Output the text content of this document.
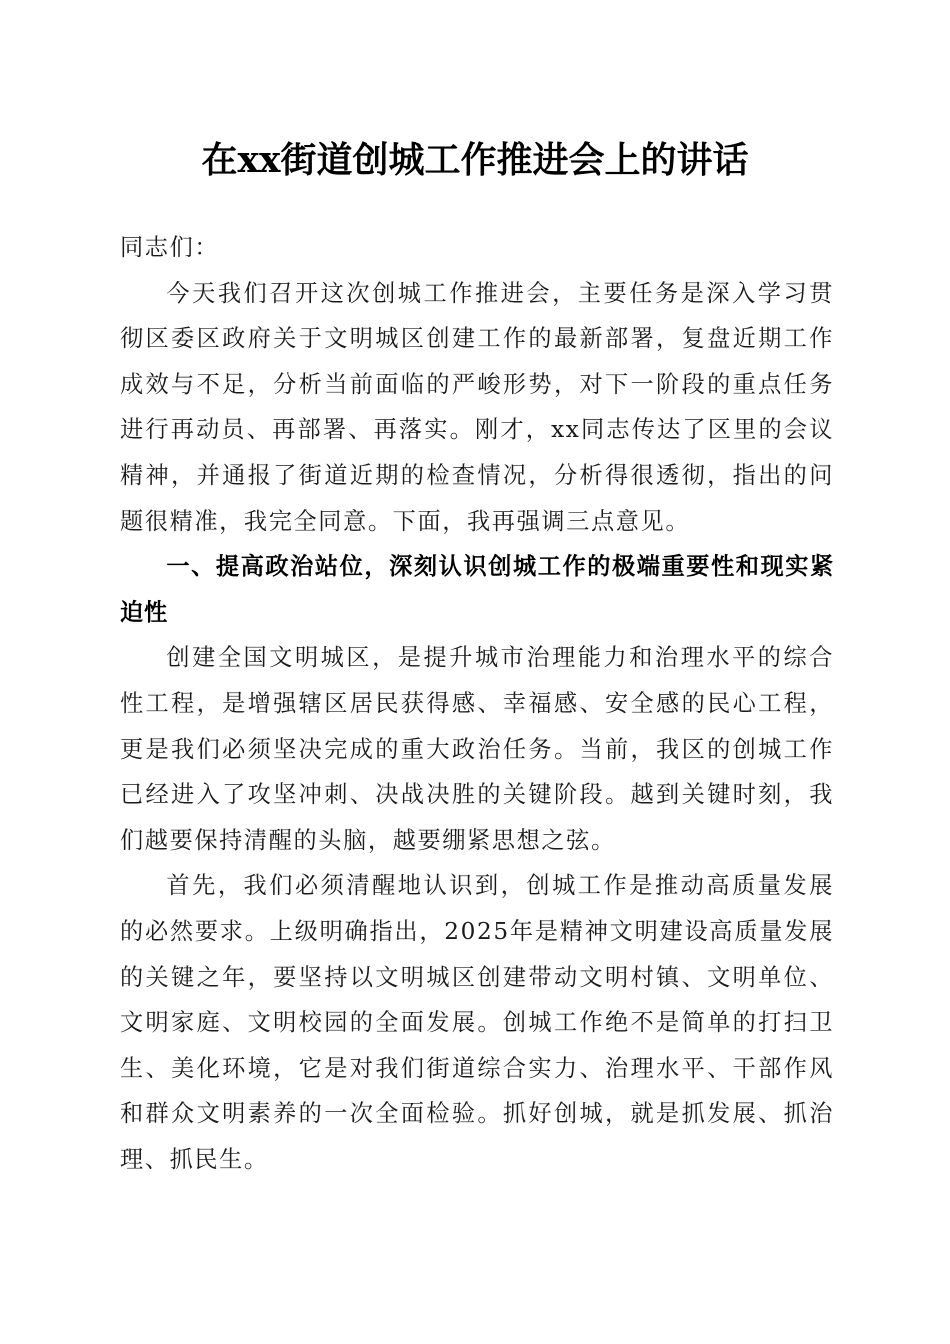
在xx街道创城工作推进会上的讲话

同志们：

今天我们召开这次创城工作推进会，主要任务是深入学习贯彻区委区政府关于文明城区创建工作的最新部署，复盘近期工作成效与不足，分析当前面临的严峻形势，对下一阶段的重点任务进行再动员、再部署、再落实。刚才，xx同志传达了区里的会议精神，并通报了街道近期的检查情况，分析得很透彻，指出的问题很精准，我完全同意。下面，我再强调三点意见。

一、提高政治站位，深刻认识创城工作的极端重要性和现实紧迫性

创建全国文明城区，是提升城市治理能力和治理水平的综合性工程，是增强辖区居民获得感、幸福感、安全感的民心工程，更是我们必须坚决完成的重大政治任务。当前，我区的创城工作已经进入了攻坚冲刺、决战决胜的关键阶段。越到关键时刻，我们越要保持清醒的头脑，越要绷紧思想之弦。

首先，我们必须清醒地认识到，创城工作是推动高质量发展的必然要求。上级明确指出，2025年是精神文明建设高质量发展的关键之年，要坚持以文明城区创建带动文明村镇、文明单位、文明家庭、文明校园的全面发展。创城工作绝不是简单的打扫卫生、美化环境，它是对我们街道综合实力、治理水平、干部作风和群众文明素养的一次全面检验。抓好创城，就是抓发展、抓治理、抓民生。
